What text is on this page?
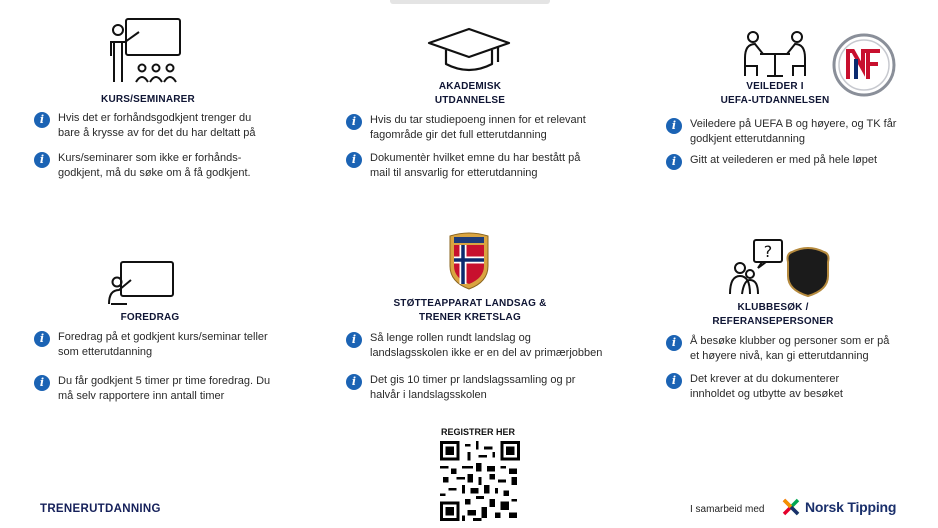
KURS/SEMINARER
i	Hvis det er forhåndsgodkjent trenger du
bare å krysse av for det du har deltatt på
i	Kurs/seminarer som ikke er forhånds-
godkjent, må du søke om å få godkjent.
AKADEMISK
UTDANNELSE
i	Hvis du tar studiepoeng innen for et relevant
fagområde gir det full etterutdanning
i	Dokumentèr hvilket emne du har bestått på
mail til ansvarlig for etterutdanning
VEILEDER I
UEFA-UTDANNELSEN
i	Veiledere på UEFA B og høyere, og TK får
godkjent etterutdanning
i	Gitt at veilederen er med på hele løpet
FOREDRAG
i	Foredrag på et godkjent kurs/seminar teller
som etterutdanning
i	Du får godkjent 5 timer pr time foredrag. Du
må selv rapportere inn antall timer
STØTTEAPPARAT LANDSAG &
TRENER KRETSLAG
i	Så lenge rollen rundt landslag og
landslagsskolen ikke er en del av primærjobben
i	Det gis 10 timer pr landslagssamling og pr
halvår i landslagsskolen
?
KLUBBESØK /
REFERANSEPERSONER
i	Å besøke klubber og personer som er på
et høyere nivå, kan gi etterutdanning
i	Det krever at du dokumenterer
innholdet og utbytte av besøket
TRENERUTDANNING
REGISTRER HER
I samarbeid med	Norsk Tipping
